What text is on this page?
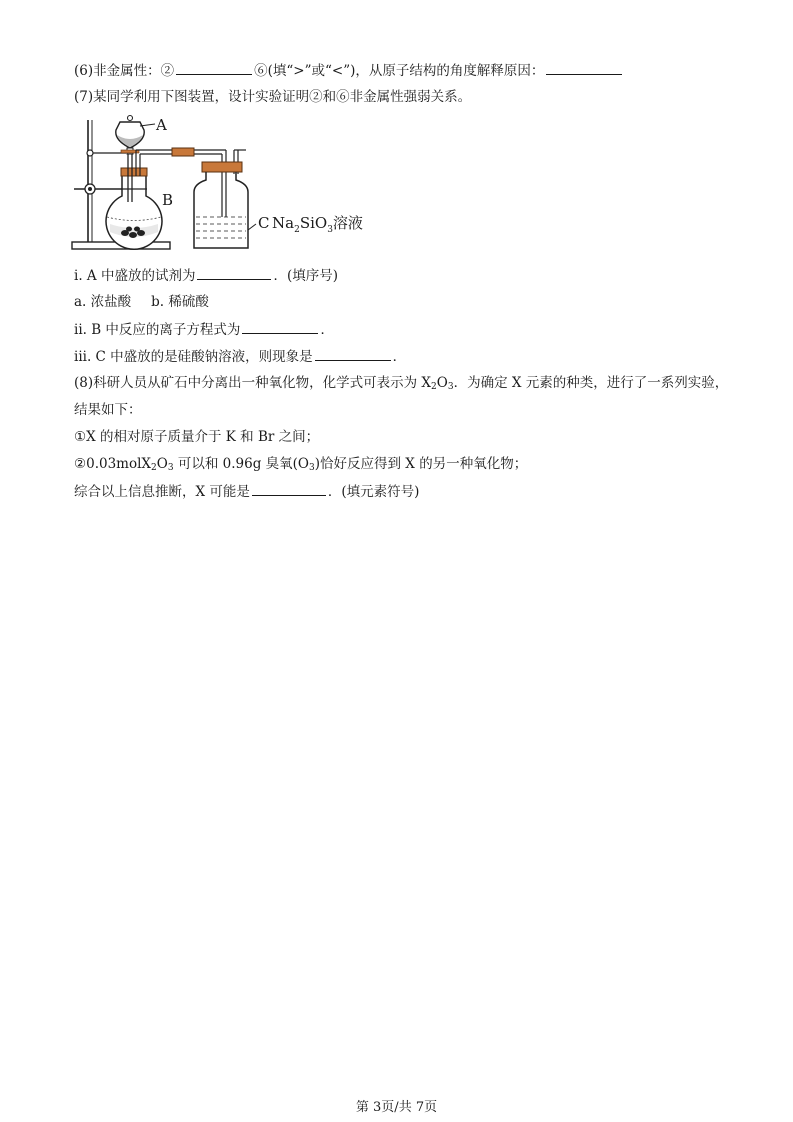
(6)非金属性：②	⑥(填“>”或“<”)，从原子结构的角度解释原因：
(7)某同学利用下图装置，设计实验证明②和⑥非金属性强弱关系。
A
B
C $Na_2SiO_3$溶液
i. A 中盛放的试剂为	．(填序号)
a. 浓盐酸 b. 稀硫酸
ii. B 中反应的离子方程式为	．
iii. C 中盛放的是硅酸钠溶液，则现象是	．
(8)科研人员从矿石中分离出一种氧化物，化学式可表示为 $X_2O_3$．为确定 X 元素的种类，进行了一系列实验，
结果如下：
①X 的相对原子质量介于 K 和 Br 之间；
$②0.03molX_2O_3$ 可以和 0.96g 臭氧$(O_3)$恰好反应得到 X 的另一种氧化物；
综合以上信息推断，X 可能是	．(填元素符号)
第 3页/共 7页
